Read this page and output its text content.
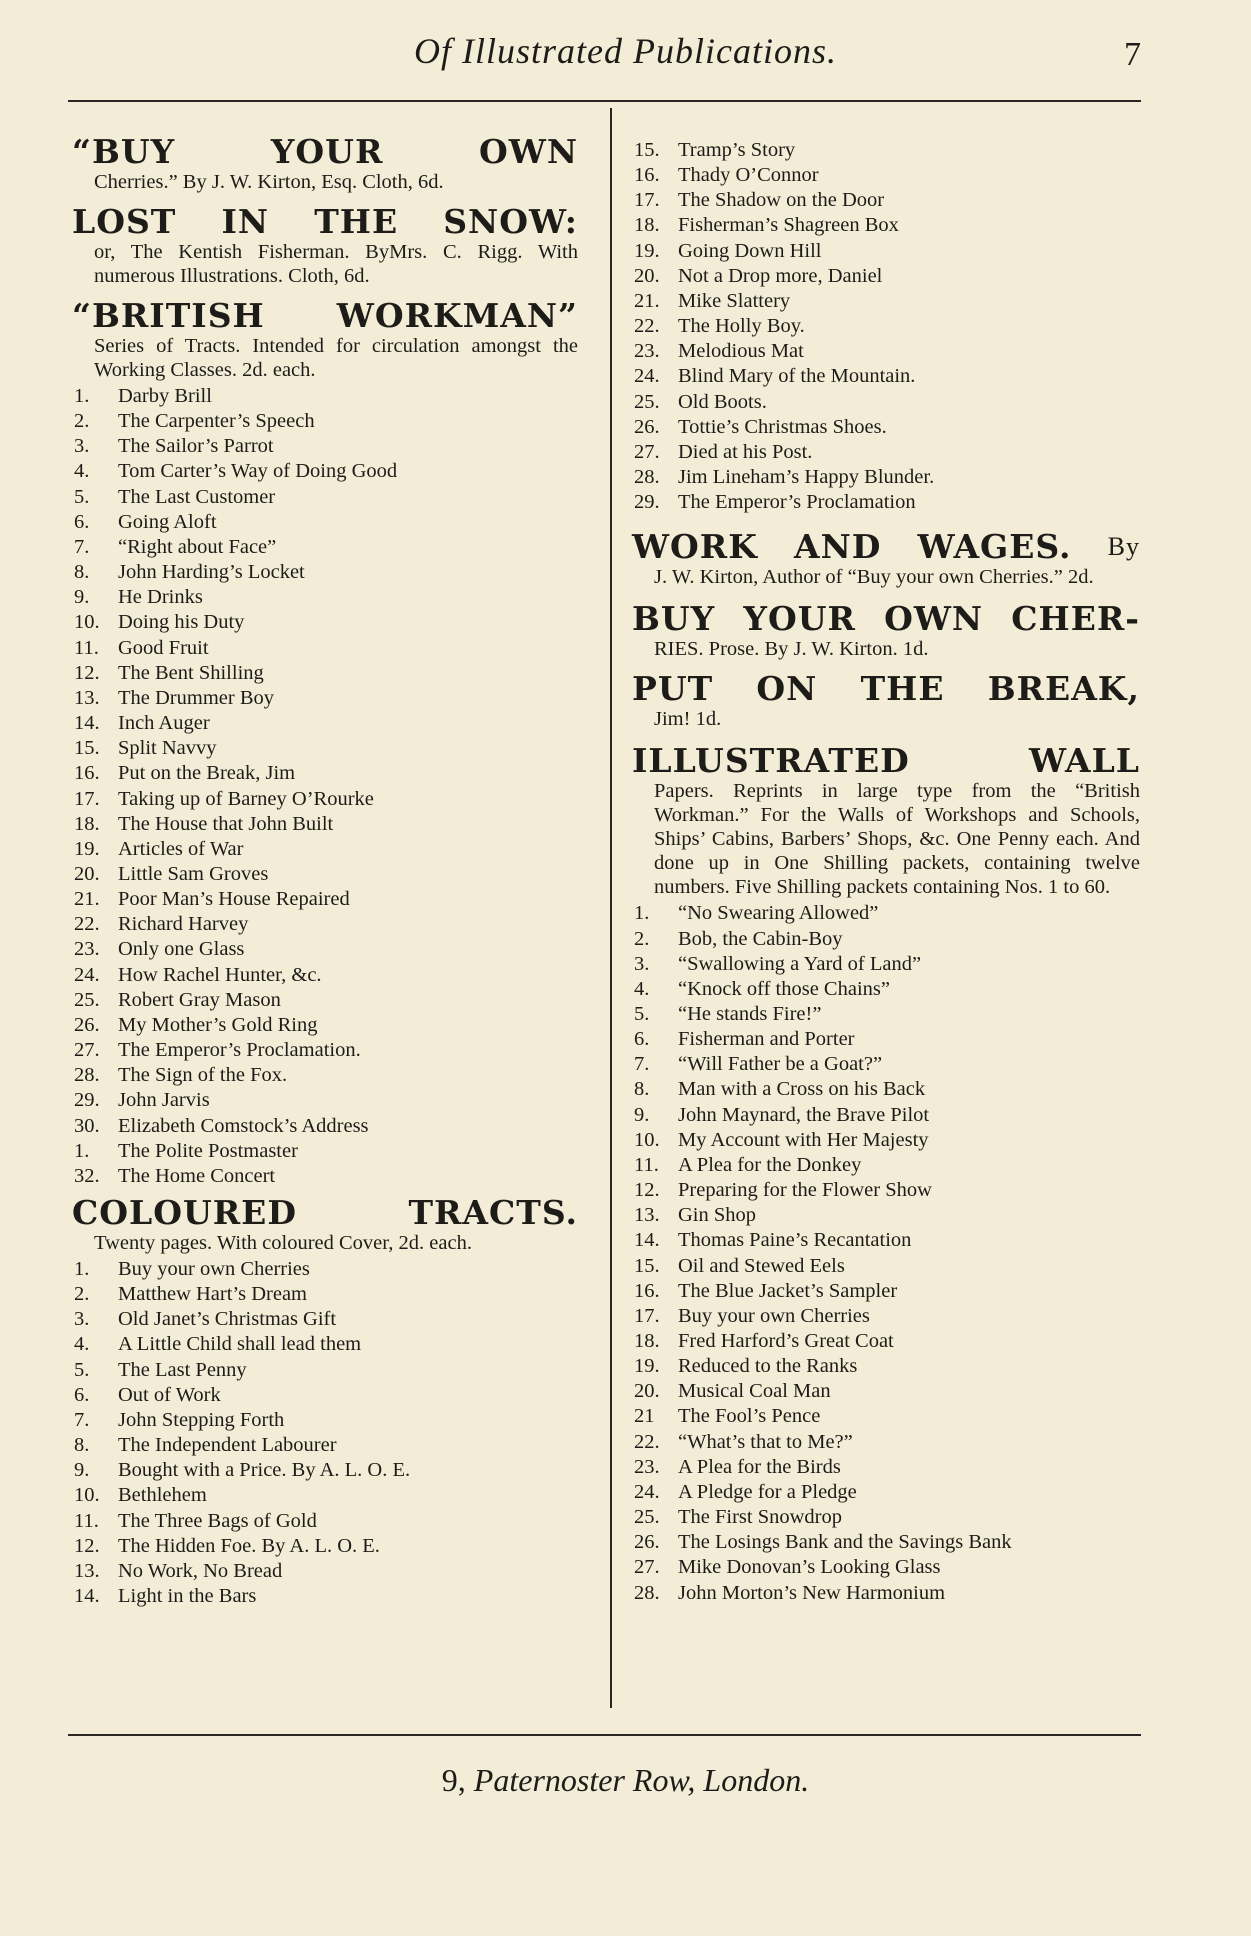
Of Illustrated Publications.	7
“BUY	YOUR	OWN
Cherries.” By J. W. Kirton, Esq. Cloth, 6d.
LOST IN THE SNOW:
or, The Kentish Fisherman. ByMrs. C. Rigg. With numerous Illustrations. Cloth, 6d.
“BRITISH WORKMAN”
Series of Tracts. Intended for circulation amongst the Working Classes. 2d. each.
1.	Darby Brill
2.	The Carpenter’s Speech
3.	The Sailor’s Parrot
4.	Tom Carter’s Way of Doing Good
5.	The Last Customer
6.	Going Aloft
7.	“Right about Face”
8.	John Harding’s Locket
9.	He Drinks
10. Doing his Duty
11. Good Fruit
12. The Bent Shilling
13. The Drummer Boy
14. Inch Auger
15. Split Navvy
16. Put on the Break, Jim
17. Taking up of Barney O’Rourke
18. The House that John Built
19. Articles of War
20. Little Sam Groves
21. Poor Man’s House Repaired
22. Richard Harvey
23. Only one Glass
24. How Rachel Hunter, &c.
25. Robert Gray Mason
26. My Mother’s Gold Ring
27. The Emperor’s Proclamation.
28. The Sign of the Fox.
29. John Jarvis
30. Elizabeth Comstock’s Address
1.	The Polite Postmaster
32. The Home Concert
COLOURED	TRACTS.
Twenty pages. With coloured Cover, 2d. each.
1.	Buy your own Cherries
2.	Matthew Hart’s Dream
3.	Old Janet’s Christmas Gift
4.	A Little Child shall lead them
5.	The Last Penny
6.	Out of Work
7.	John Stepping Forth
8.	The Independent Labourer
9.	Bought with a Price. By A. L. O. E.
10. Bethlehem
11. The Three Bags of Gold
12. The Hidden Foe. By A. L. O. E.
13. No Work, No Bread
14. Light in the Bars
15. Tramp’s Story
16. Thady O’Connor
17. The Shadow on the Door
18. Fisherman’s Shagreen Box
19. Going Down Hill
20. Not a Drop more, Daniel
21. Mike Slattery
22. The Holly Boy.
23. Melodious Mat
24. Blind Mary of the Mountain.
25. Old Boots.
26. Tottie’s Christmas Shoes.
27. Died at his Post.
28. Jim Lineham’s Happy Blunder.
29. The Emperor’s Proclamation
WORK AND WAGES. By
J. W. Kirton, Author of “Buy your own Cherries.” 2d.
BUY YOUR OWN CHER-
RIES. Prose. By J. W. Kirton. 1d.
PUT ON THE BREAK,
Jim! 1d.
ILLUSTRATED	WALL
Papers. Reprints in large type from the “British Workman.” For the Walls of Workshops and Schools, Ships’ Cabins, Barbers’ Shops, &c. One Penny each. And done up in One Shilling packets, containing twelve numbers. Five Shilling packets containing Nos. 1 to 60.
1.	“No Swearing Allowed”
2.	Bob, the Cabin-Boy
3.	“Swallowing a Yard of Land”
4.	“Knock off those Chains”
5.	“He stands Fire!”
6.	Fisherman and Porter
7.	“Will Father be a Goat?”
8.	Man with a Cross on his Back
9.	John Maynard, the Brave Pilot
10. My Account with Her Majesty
11. A Plea for the Donkey
12. Preparing for the Flower Show
13. Gin Shop
14. Thomas Paine’s Recantation
15. Oil and Stewed Eels
16. The Blue Jacket’s Sampler
17. Buy your own Cherries
18. Fred Harford’s Great Coat
19. Reduced to the Ranks
20. Musical Coal Man
21	The Fool’s Pence
22. “What’s that to Me?”
23. A Plea for the Birds
24. A Pledge for a Pledge
25. The First Snowdrop
26. The Losings Bank and the Savings Bank
27. Mike Donovan’s Looking Glass
28. John Morton’s New Harmonium
9, Paternoster Row, London.
